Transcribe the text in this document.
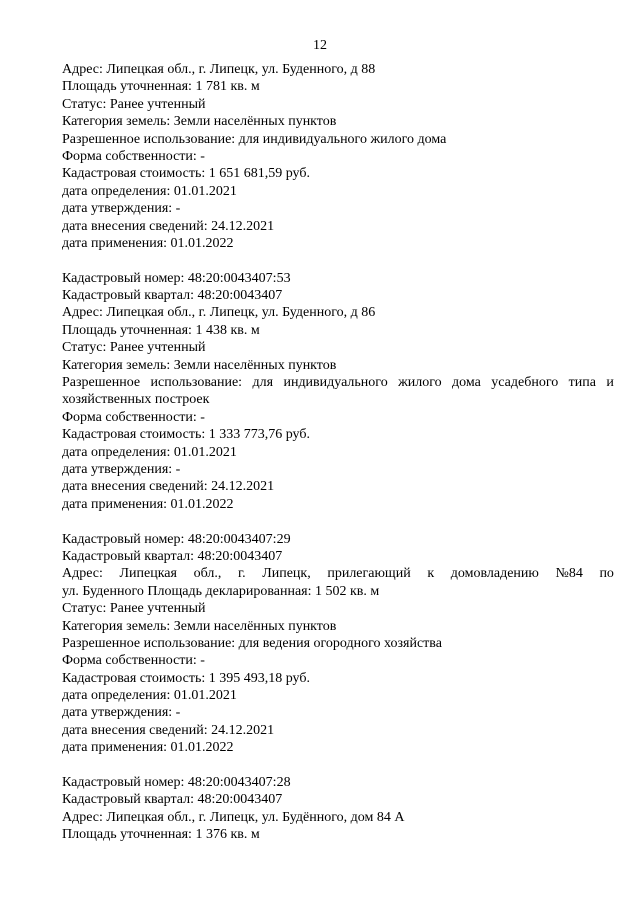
12
Адрес: Липецкая обл., г. Липецк, ул. Буденного, д 88
Площадь уточненная: 1 781 кв. м
Статус: Ранее учтенный
Категория земель: Земли населённых пунктов
Разрешенное использование: для индивидуального жилого дома
Форма собственности: -
Кадастровая стоимость: 1 651 681,59 руб.
дата определения: 01.01.2021
дата утверждения: -
дата внесения сведений: 24.12.2021
дата применения: 01.01.2022
Кадастровый номер: 48:20:0043407:53
Кадастровый квартал: 48:20:0043407
Адрес: Липецкая обл., г. Липецк, ул. Буденного, д 86
Площадь уточненная: 1 438 кв. м
Статус: Ранее учтенный
Категория земель: Земли населённых пунктов
Разрешенное использование: для индивидуального жилого дома усадебного типа и
хозяйственных построек
Форма собственности: -
Кадастровая стоимость: 1 333 773,76 руб.
дата определения: 01.01.2021
дата утверждения: -
дата внесения сведений: 24.12.2021
дата применения: 01.01.2022
Кадастровый номер: 48:20:0043407:29
Кадастровый квартал: 48:20:0043407
Адрес: Липецкая обл., г. Липецк, прилегающий к домовладению №84 по
ул. Буденного Площадь декларированная: 1 502 кв. м
Статус: Ранее учтенный
Категория земель: Земли населённых пунктов
Разрешенное использование: для ведения огородного хозяйства
Форма собственности: -
Кадастровая стоимость: 1 395 493,18 руб.
дата определения: 01.01.2021
дата утверждения: -
дата внесения сведений: 24.12.2021
дата применения: 01.01.2022
Кадастровый номер: 48:20:0043407:28
Кадастровый квартал: 48:20:0043407
Адрес: Липецкая обл., г. Липецк, ул. Будённого, дом 84 А
Площадь уточненная: 1 376 кв. м
